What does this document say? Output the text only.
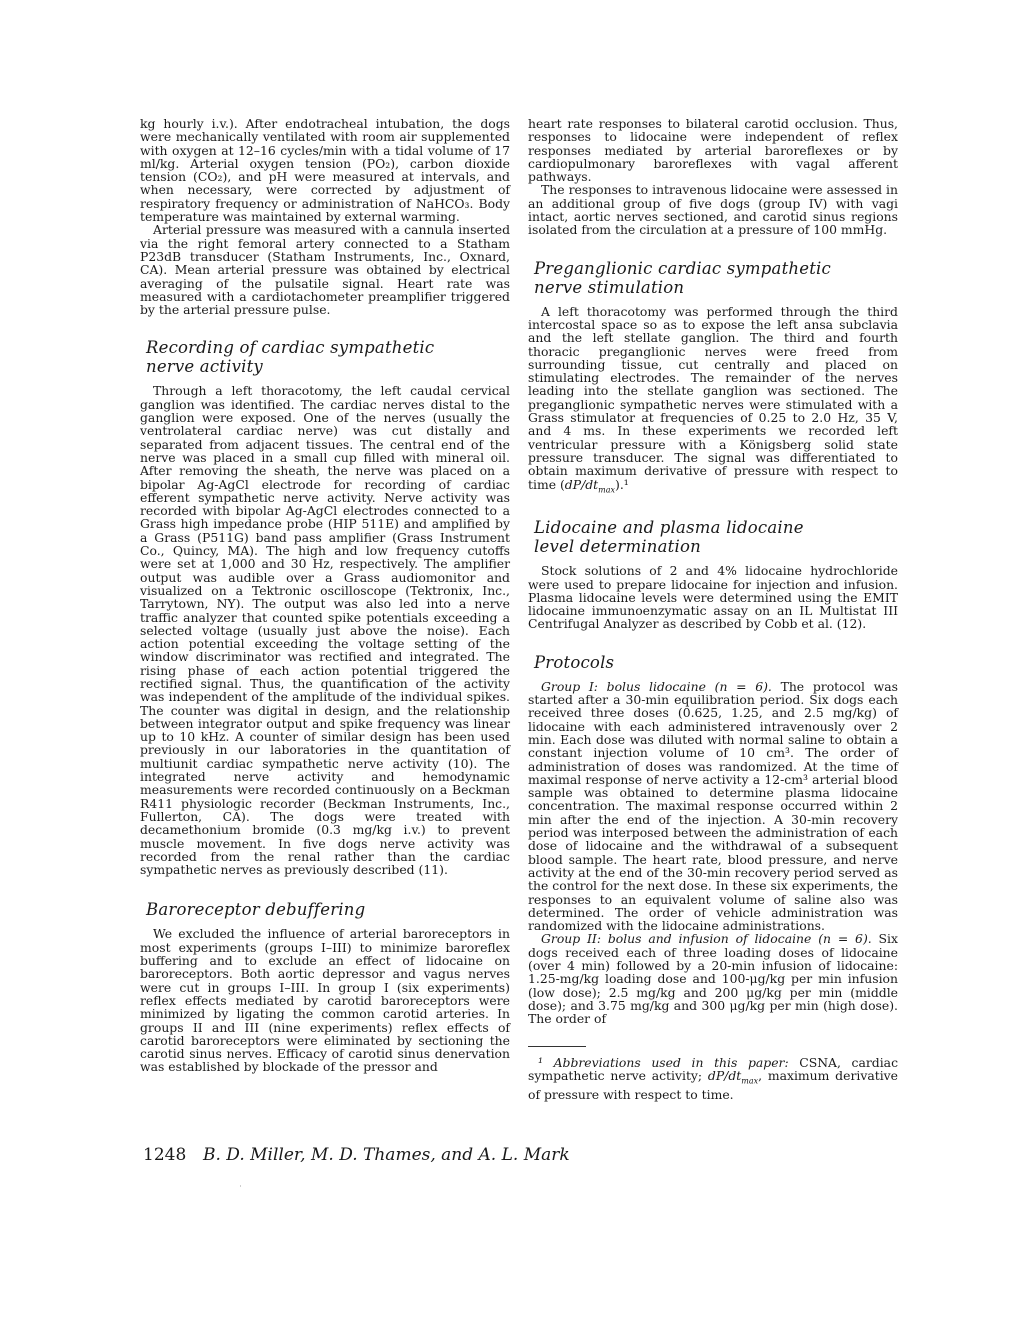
kg hourly i.v.). After endotracheal intubation, the dogs were mechanically ventilated with room air supplemented with oxygen at 12–16 cycles/min with a tidal volume of 17 ml/kg. Arterial oxygen tension (PO₂), carbon dioxide tension (CO₂), and pH were measured at intervals, and when necessary, were corrected by adjustment of respiratory frequency or administration of NaHCO₃. Body temperature was maintained by external warming.

Arterial pressure was measured with a cannula inserted via the right femoral artery connected to a Statham P23dB transducer (Statham Instruments, Inc., Oxnard, CA). Mean arterial pressure was obtained by electrical averaging of the pulsatile signal. Heart rate was measured with a cardiotachometer preamplifier triggered by the arterial pressure pulse.

Recording of cardiac sympathetic
nerve activity

Through a left thoracotomy, the left caudal cervical ganglion was identified. The cardiac nerves distal to the ganglion were exposed. One of the nerves (usually the ventrolateral cardiac nerve) was cut distally and separated from adjacent tissues. The central end of the nerve was placed in a small cup filled with mineral oil. After removing the sheath, the nerve was placed on a bipolar Ag-AgCl electrode for recording of cardiac efferent sympathetic nerve activity. Nerve activity was recorded with bipolar Ag-AgCl electrodes connected to a Grass high impedance probe (HIP 511E) and amplified by a Grass (P511G) band pass amplifier (Grass Instrument Co., Quincy, MA). The high and low frequency cutoffs were set at 1,000 and 30 Hz, respectively. The amplifier output was audible over a Grass audiomonitor and visualized on a Tektronic oscilloscope (Tektronix, Inc., Tarrytown, NY). The output was also led into a nerve traffic analyzer that counted spike potentials exceeding a selected voltage (usually just above the noise). Each action potential exceeding the voltage setting of the window discriminator was rectified and integrated. The rising phase of each action potential triggered the rectified signal. Thus, the quantification of the activity was independent of the amplitude of the individual spikes. The counter was digital in design, and the relationship between integrator output and spike frequency was linear up to 10 kHz. A counter of similar design has been used previously in our laboratories in the quantitation of multiunit cardiac sympathetic nerve activity (10). The integrated nerve activity and hemodynamic measurements were recorded continuously on a Beckman R411 physiologic recorder (Beckman Instruments, Inc., Fullerton, CA). The dogs were treated with decamethonium bromide (0.3 mg/kg i.v.) to prevent muscle movement. In five dogs nerve activity was recorded from the renal rather than the cardiac sympathetic nerves as previously described (11).

Baroreceptor debuffering

We excluded the influence of arterial baroreceptors in most experiments (groups I–III) to minimize baroreflex buffering and to exclude an effect of lidocaine on baroreceptors. Both aortic depressor and vagus nerves were cut in groups I–III. In group I (six experiments) reflex effects mediated by carotid baroreceptors were minimized by ligating the common carotid arteries. In groups II and III (nine experiments) reflex effects of carotid baroreceptors were eliminated by sectioning the carotid sinus nerves. Efficacy of carotid sinus denervation was established by blockade of the pressor and

heart rate responses to bilateral carotid occlusion. Thus, responses to lidocaine were independent of reflex responses mediated by arterial baroreflexes or by cardiopulmonary baroreflexes with vagal afferent pathways.

The responses to intravenous lidocaine were assessed in an additional group of five dogs (group IV) with vagi intact, aortic nerves sectioned, and carotid sinus regions isolated from the circulation at a pressure of 100 mmHg.

Preganglionic cardiac sympathetic
nerve stimulation

A left thoracotomy was performed through the third intercostal space so as to expose the left ansa subclavia and the left stellate ganglion. The third and fourth thoracic preganglionic nerves were freed from surrounding tissue, cut centrally and placed on stimulating electrodes. The remainder of the nerves leading into the stellate ganglion was sectioned. The preganglionic sympathetic nerves were stimulated with a Grass stimulator at frequencies of 0.25 to 2.0 Hz, 35 V, and 4 ms. In these experiments we recorded left ventricular pressure with a Königsberg solid state pressure transducer. The signal was differentiated to obtain maximum derivative of pressure with respect to time $(dP/dt_{max}).^1$

Lidocaine and plasma lidocaine
level determination

Stock solutions of 2 and 4% lidocaine hydrochloride were used to prepare lidocaine for injection and infusion. Plasma lidocaine levels were determined using the EMIT lidocaine immunoenzymatic assay on an IL Multistat III Centrifugal Analyzer as described by Cobb et al. (12).

Protocols

Group I: bolus lidocaine (n = 6). The protocol was started after a 30-min equilibration period. Six dogs each received three doses (0.625, 1.25, and 2.5 mg/kg) of lidocaine with each administered intravenously over 2 min. Each dose was diluted with normal saline to obtain a constant injection volume of 10 cm³. The order of administration of doses was randomized. At the time of maximal response of nerve activity a 12-cm³ arterial blood sample was obtained to determine plasma lidocaine concentration. The maximal response occurred within 2 min after the end of the injection. A 30-min recovery period was interposed between the administration of each dose of lidocaine and the withdrawal of a subsequent blood sample. The heart rate, blood pressure, and nerve activity at the end of the 30-min recovery period served as the control for the next dose. In these six experiments, the responses to an equivalent volume of saline also was determined. The order of vehicle administration was randomized with the lidocaine administrations.

Group II: bolus and infusion of lidocaine (n = 6). Six dogs received each of three loading doses of lidocaine (over 4 min) followed by a 20-min infusion of lidocaine: 1.25-mg/kg loading dose and 100-μg/kg per min infusion (low dose); 2.5 mg/kg and 200 μg/kg per min (middle dose); and 3.75 mg/kg and 300 μg/kg per min (high dose). The order of

¹ Abbreviations used in this paper: CSNA, cardiac sympathetic nerve activity; $dP/dt_{max}$, maximum derivative of pressure with respect to time.

1248 B. D. Miller, M. D. Thames, and A. L. Mark
